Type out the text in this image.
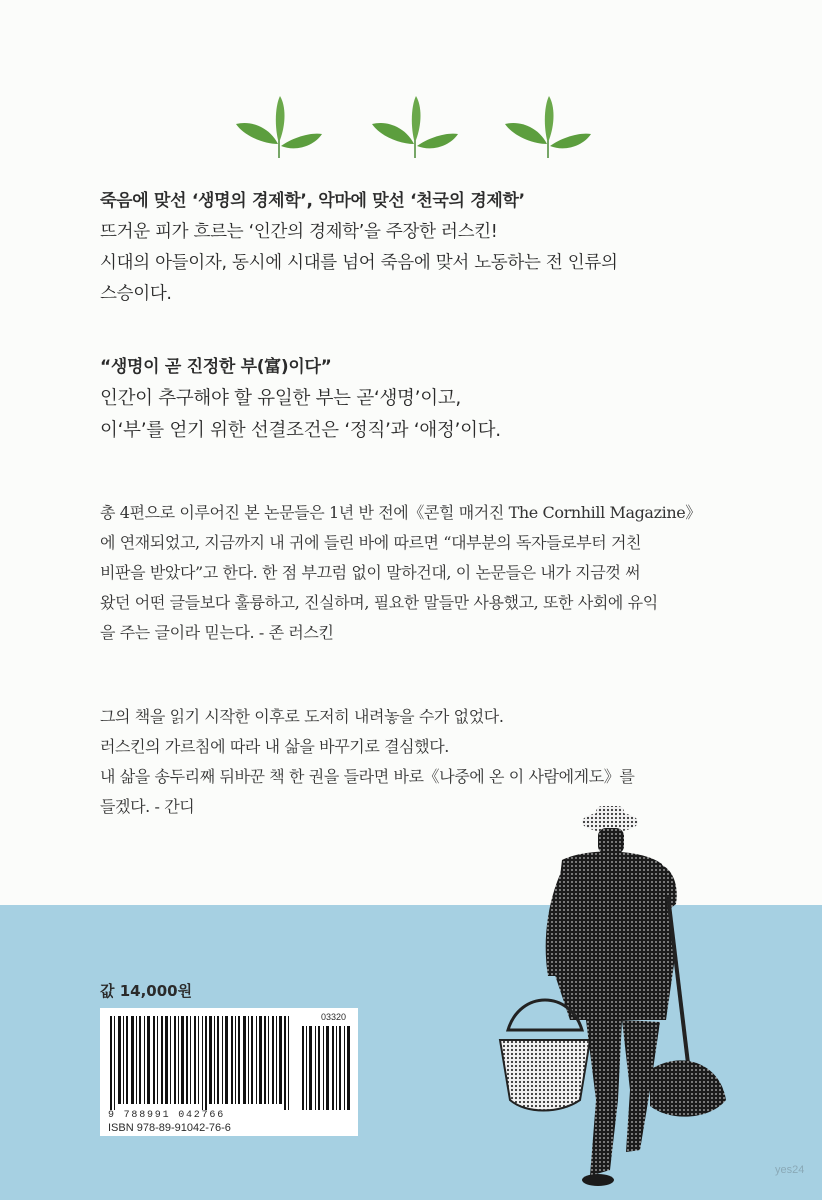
죽음에 맞선 ‘생명의 경제학’, 악마에 맞선 ‘천국의 경제학’
뜨거운 피가 흐르는 ‘인간의 경제학’을 주장한 러스킨!
시대의 아들이자, 동시에 시대를 넘어 죽음에 맞서 노동하는 전 인류의
스승이다.
“생명이 곧 진정한 부(富)이다”
인간이 추구해야 할 유일한 부는 곧‘생명’이고,
이‘부’를 얻기 위한 선결조건은 ‘정직’과 ‘애정’이다.
총 4편으로 이루어진 본 논문들은 1년 반 전에《콘힐 매거진 The Cornhill Magazine》
에 연재되었고, 지금까지 내 귀에 들린 바에 따르면 “대부분의 독자들로부터 거친
비판을 받았다”고 한다. 한 점 부끄럼 없이 말하건대, 이 논문들은 내가 지금껏 써
왔던 어떤 글들보다 훌륭하고, 진실하며, 필요한 말들만 사용했고, 또한 사회에 유익
을 주는 글이라 믿는다. - 존 러스킨
그의 책을 읽기 시작한 이후로 도저히 내려놓을 수가 없었다.
러스킨의 가르침에 따라 내 삶을 바꾸기로 결심했다.
내 삶을 송두리째 뒤바꾼 책 한 권을 들라면 바로《나중에 온 이 사람에게도》를
들겠다. - 간디
값 14,000원
03320
9 788991 042766
ISBN 978-89-91042-76-6
yes24
